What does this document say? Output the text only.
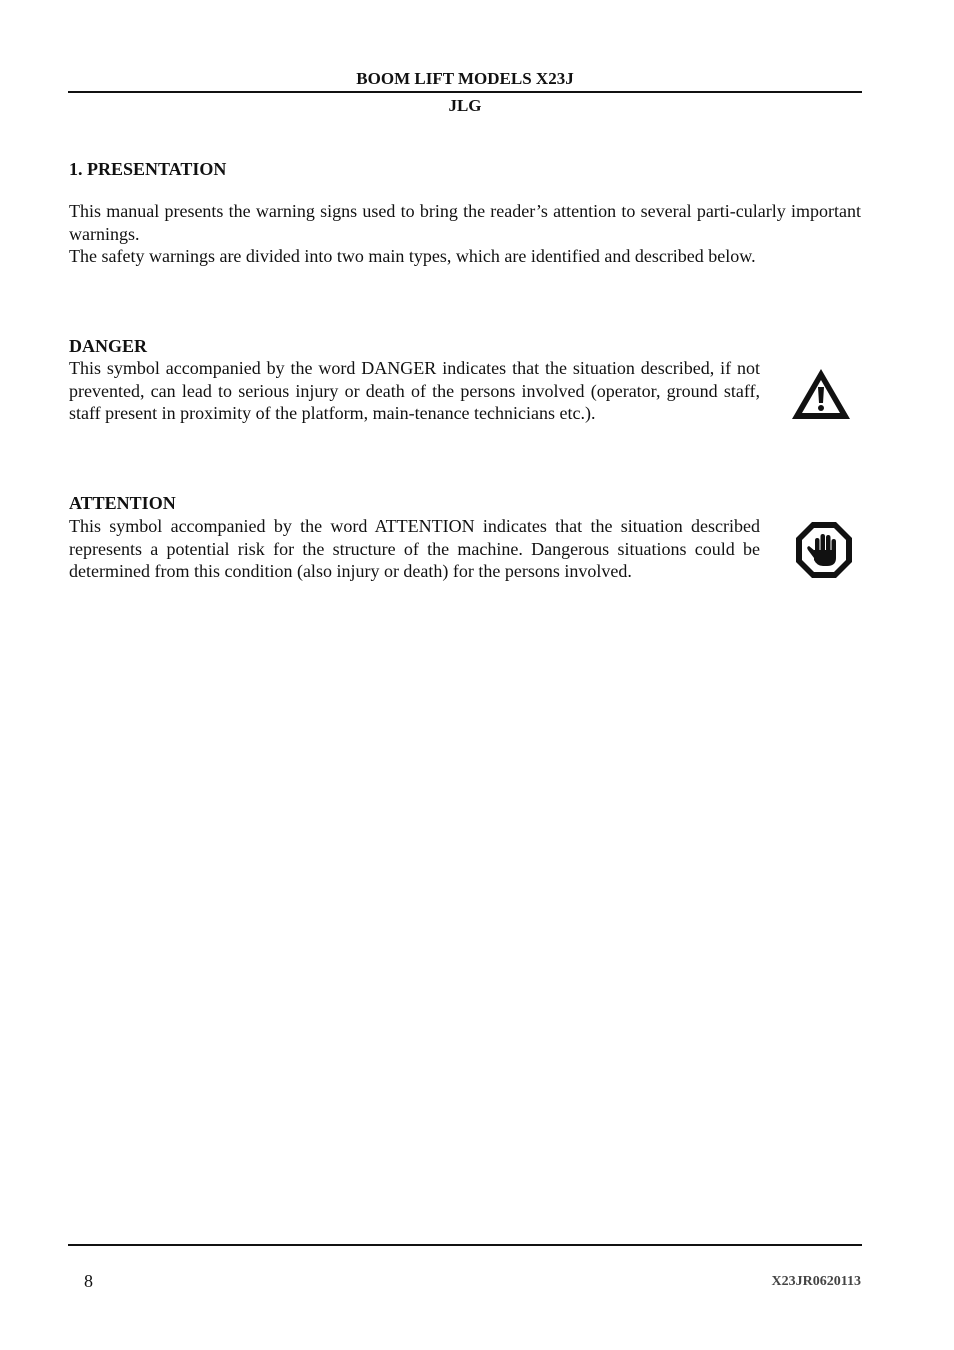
BOOM LIFT MODELS X23J
JLG
1. PRESENTATION

This manual presents the warning signs used to bring the reader’s attention to several parti-cularly important warnings.

The safety warnings are divided into two main types, which are identified and described below.

DANGER

This symbol accompanied by the word DANGER indicates that the situation described, if not prevented, can lead to serious injury or death of the persons involved (operator, ground staff, staff present in proximity of the platform, main-tenance technicians etc.).

ATTENTION

This symbol accompanied by the word ATTENTION indicates that the situation described represents a potential risk for the structure of the machine. Dangerous situations could be determined from this condition (also injury or death) for the persons involved.

8	X23JR0620113
